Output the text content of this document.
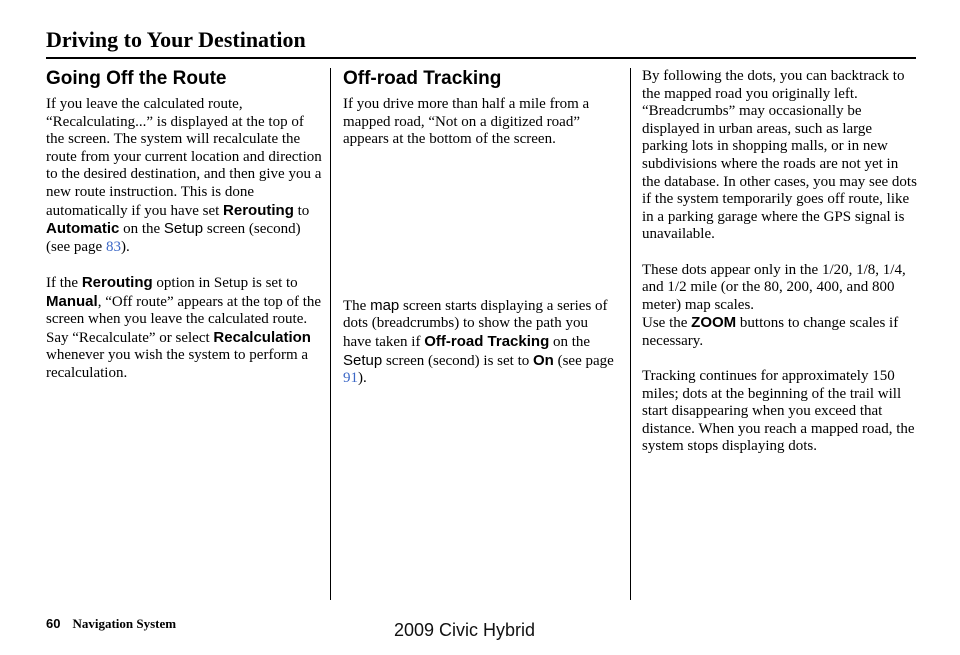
Driving to Your Destination
Going Off the Route

If you leave the calculated route, “Recalculating...” is displayed at the top of the screen. The system will recalculate the route from your current location and direction to the desired destination, and then give you a new route instruction. This is done automatically if you have set Rerouting to Automatic on the Setup screen (second) (see page 83).

If the Rerouting option in Setup is set to Manual, “Off route” appears at the top of the screen when you leave the calculated route. Say “Recalculate” or select Recalculation whenever you wish the system to perform a recalculation.

Off-road Tracking

If you drive more than half a mile from a mapped road, “Not on a digitized road” appears at the bottom of the screen.

The map screen starts displaying a series of dots (breadcrumbs) to show the path you have taken if Off-road Tracking on the Setup screen (second) is set to On (see page 91).

By following the dots, you can backtrack to the mapped road you originally left. “Breadcrumbs” may occasionally be displayed in urban areas, such as large parking lots in shopping malls, or in new subdivisions where the roads are not yet in the database. In other cases, you may see dots if the system temporarily goes off route, like in a parking garage where the GPS signal is unavailable.

These dots appear only in the 1/20, 1/8, 1/4, and 1/2 mile (or the 80, 200, 400, and 800 meter) map scales.
Use the ZOOM buttons to change scales if necessary.

Tracking continues for approximately 150 miles; dots at the beginning of the trail will start disappearing when you exceed that distance. When you reach a mapped road, the system stops displaying dots.

60 Navigation System	2009 Civic Hybrid
